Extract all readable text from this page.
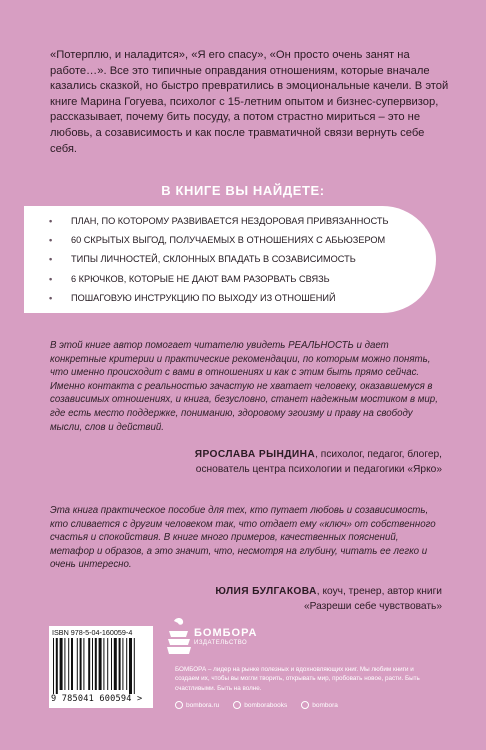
«Потерплю, и наладится», «Я его спасу», «Он просто очень занят на работе…». Все это типичные оправдания отношениям, которые вначале казались сказкой, но быстро превратились в эмоциональные качели. В этой книге Марина Гогуева, психолог с 15-летним опытом и бизнес-супервизор, рассказывает, почему бить посуду, а потом страстно мириться – это не любовь, а созависимость и как после травматичной связи вернуть себе себя.
В КНИГЕ ВЫ НАЙДЕТЕ:
• ПЛАН, ПО КОТОРОМУ РАЗВИВАЕТСЯ НЕЗДОРОВАЯ ПРИВЯЗАННОСТЬ
• 60 СКРЫТЫХ ВЫГОД, ПОЛУЧАЕМЫХ В ОТНОШЕНИЯХ С АБЬЮЗЕРОМ
• ТИПЫ ЛИЧНОСТЕЙ, СКЛОННЫХ ВПАДАТЬ В СОЗАВИСИМОСТЬ
• 6 КРЮЧКОВ, КОТОРЫЕ НЕ ДАЮТ ВАМ РАЗОРВАТЬ СВЯЗЬ
• ПОШАГОВУЮ ИНСТРУКЦИЮ ПО ВЫХОДУ ИЗ ОТНОШЕНИЙ
В этой книге автор помогает читателю увидеть РЕАЛЬНОСТЬ и дает конкретные критерии и практические рекомендации, по которым можно понять, что именно происходит с вами в отношениях и как с этим быть прямо сейчас. Именно контакта с реальностью зачастую не хватает человеку, оказавшемуся в созависимых отношениях, и книга, безусловно, станет надежным мостиком в мир, где есть место поддержке, пониманию, здоровому эгоизму и праву на свободу мысли, слов и действий.
ЯРОСЛАВА РЫНДИНА, психолог, педагог, блогер,
основатель центра психологии и педагогики «Ярко»
Эта книга практическое пособие для тех, кто путает любовь и созависимость, кто сливается с другим человеком так, что отдает ему «ключ» от собственного счастья и спокойствия. В книге много примеров, качественных пояснений, метафор и образов, а это значит, что, несмотря на глубину, читать ее легко и очень интересно.
ЮЛИЯ БУЛГАКОВА, коуч, тренер, автор книги
«Разреши себе чувствовать»
ISBN 978-5-04-160059-4
9 785041 600594 >
БОМБОРА
ИЗДАТЕЛЬСТВО
БОМБОРА – лидер на рынке полезных и вдохновляющих книг. Мы любим книги и создаем их, чтобы вы могли творить, открывать мир, пробовать новое, расти. Быть счастливыми. Быть на волне.
bombora.ru	bomborabooks	bombora
